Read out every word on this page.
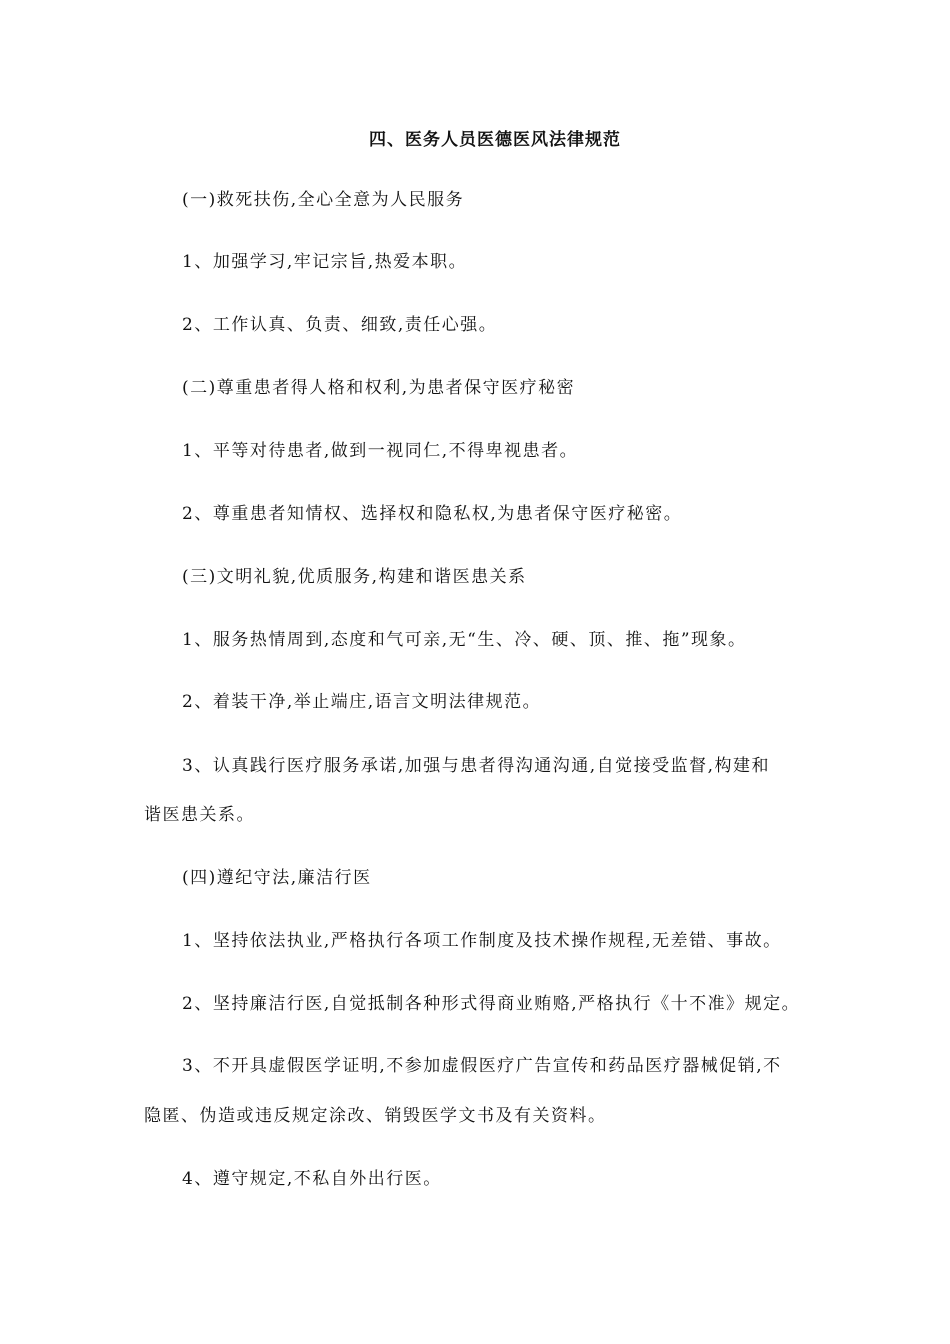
四、医务人员医德医风法律规范
(一)救死扶伤,全心全意为人民服务
1、加强学习,牢记宗旨,热爱本职。
2、工作认真、负责、细致,责任心强。
(二)尊重患者得人格和权利,为患者保守医疗秘密
1、平等对待患者,做到一视同仁,不得卑视患者。
2、尊重患者知情权、选择权和隐私权,为患者保守医疗秘密。
(三)文明礼貌,优质服务,构建和谐医患关系
1、服务热情周到,态度和气可亲,无“生、冷、硬、顶、推、拖”现象。
2、着装干净,举止端庄,语言文明法律规范。
3、认真践行医疗服务承诺,加强与患者得沟通沟通,自觉接受监督,构建和
谐医患关系。
(四)遵纪守法,廉洁行医
1、坚持依法执业,严格执行各项工作制度及技术操作规程,无差错、事故。
2、坚持廉洁行医,自觉抵制各种形式得商业贿赂,严格执行《十不准》规定。
3、不开具虚假医学证明,不参加虚假医疗广告宣传和药品医疗器械促销,不
隐匿、伪造或违反规定涂改、销毁医学文书及有关资料。
4、遵守规定,不私自外出行医。
